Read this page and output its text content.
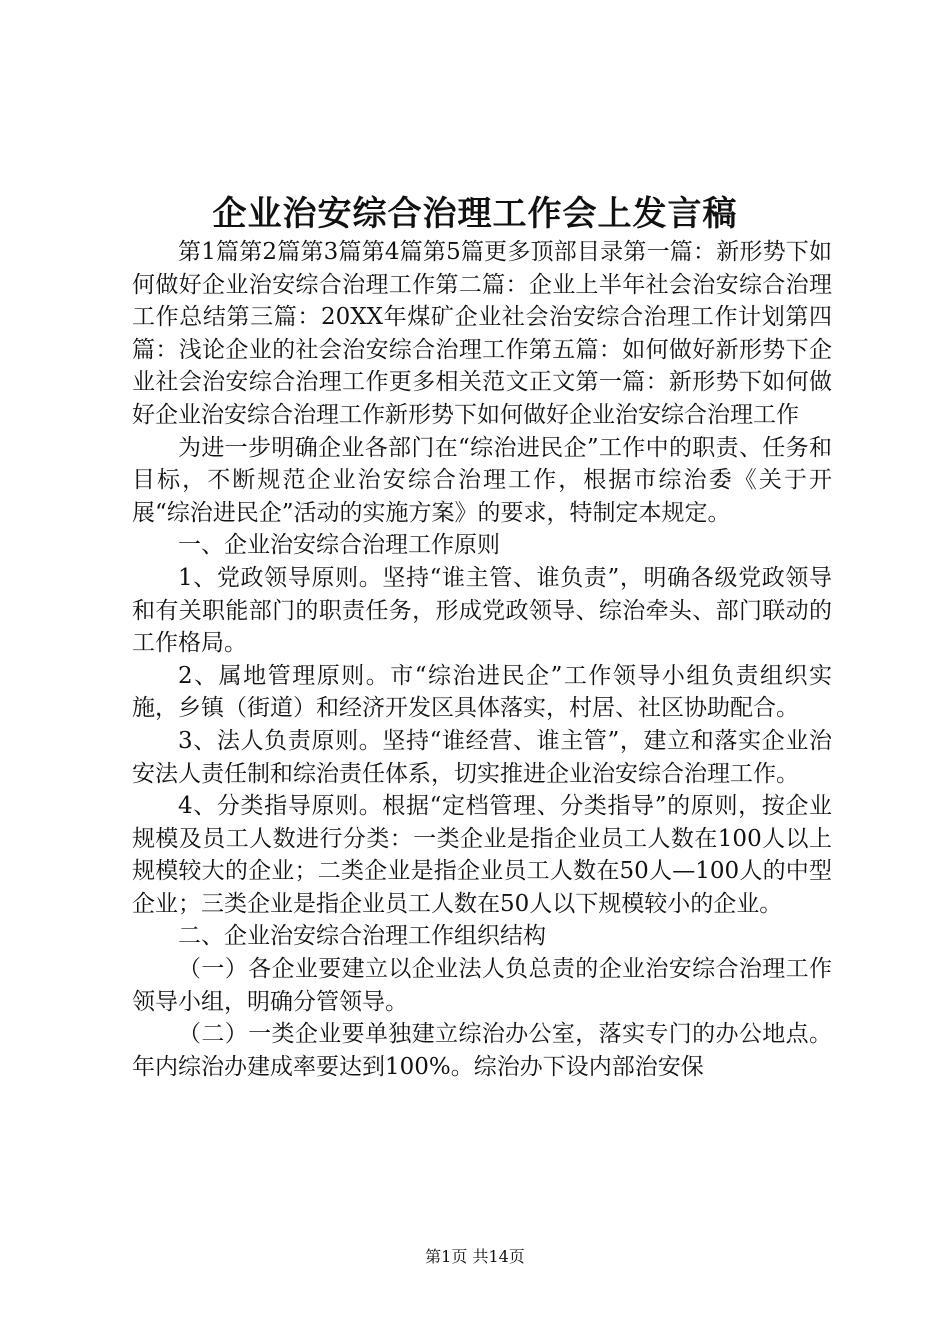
企业治安综合治理工作会上发言稿

第1篇第2篇第3篇第4篇第5篇更多顶部目录第一篇：新形势下如何做好企业治安综合治理工作第二篇：企业上半年社会治安综合治理工作总结第三篇：20XX年煤矿企业社会治安综合治理工作计划第四篇：浅论企业的社会治安综合治理工作第五篇：如何做好新形势下企业社会治安综合治理工作更多相关范文正文第一篇：新形势下如何做好企业治安综合治理工作新形势下如何做好企业治安综合治理工作

为进一步明确企业各部门在“综治进民企”工作中的职责、任务和目标，不断规范企业治安综合治理工作，根据市综治委《关于开展“综治进民企”活动的实施方案》的要求，特制定本规定。

一、企业治安综合治理工作原则

1、党政领导原则。坚持“谁主管、谁负责”，明确各级党政领导和有关职能部门的职责任务，形成党政领导、综治牵头、部门联动的工作格局。

2、属地管理原则。市“综治进民企”工作领导小组负责组织实施，乡镇（街道）和经济开发区具体落实，村居、社区协助配合。

3、法人负责原则。坚持“谁经营、谁主管”，建立和落实企业治安法人责任制和综治责任体系，切实推进企业治安综合治理工作。

4、分类指导原则。根据“定档管理、分类指导”的原则，按企业规模及员工人数进行分类：一类企业是指企业员工人数在100人以上规模较大的企业；二类企业是指企业员工人数在50人—100人的中型企业；三类企业是指企业员工人数在50人以下规模较小的企业。

二、企业治安综合治理工作组织结构

（一）各企业要建立以企业法人负总责的企业治安综合治理工作领导小组，明确分管领导。

（二）一类企业要单独建立综治办公室，落实专门的办公地点。年内综治办建成率要达到100%。综治办下设内部治安保

第1页 共14页
